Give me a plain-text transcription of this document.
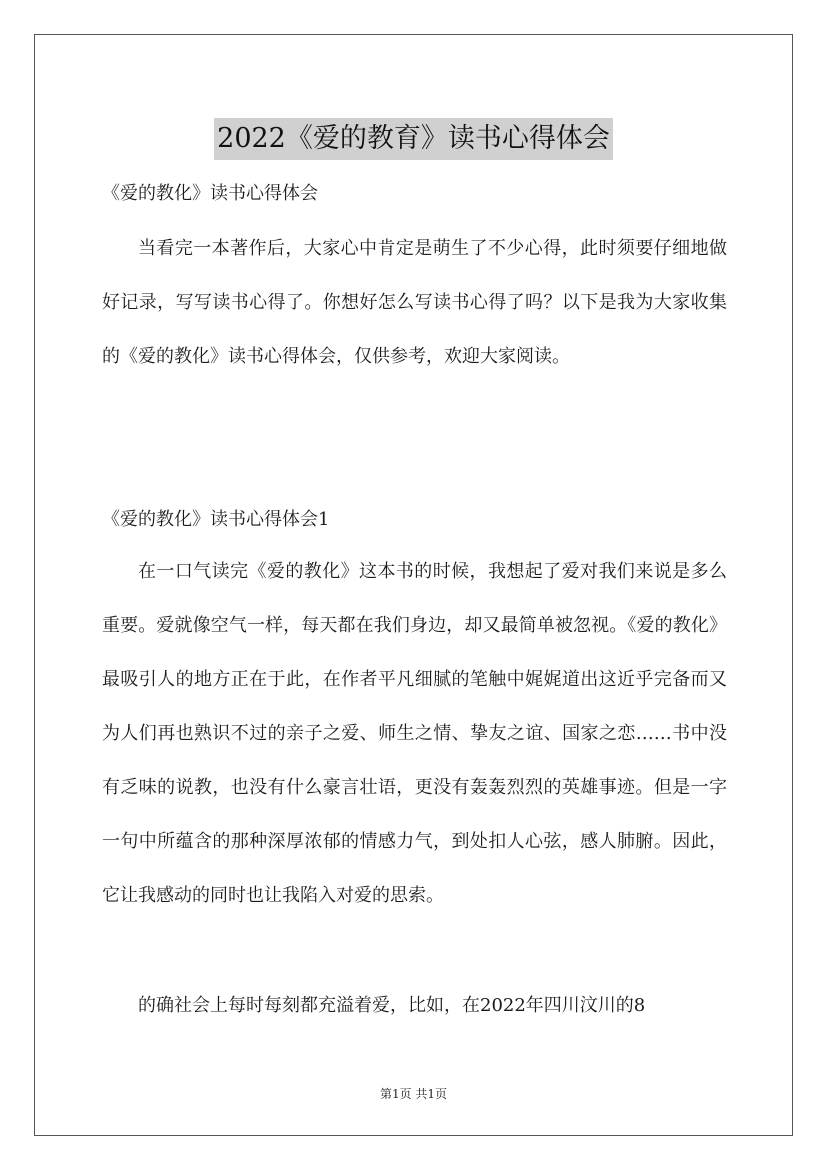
2022《爱的教育》读书心得体会

《爱的教化》读书心得体会

当看完一本著作后，大家心中肯定是萌生了不少心得，此时须要仔细地做好记录，写写读书心得了。你想好怎么写读书心得了吗？以下是我为大家收集的《爱的教化》读书心得体会，仅供参考，欢迎大家阅读。

《爱的教化》读书心得体会1

在一口气读完《爱的教化》这本书的时候，我想起了爱对我们来说是多么重要。爱就像空气一样，每天都在我们身边，却又最简单被忽视。《爱的教化》最吸引人的地方正在于此，在作者平凡细腻的笔触中娓娓道出这近乎完备而又为人们再也熟识不过的亲子之爱、师生之情、挚友之谊、国家之恋……书中没有乏味的说教，也没有什么豪言壮语，更没有轰轰烈烈的英雄事迹。但是一字一句中所蕴含的那种深厚浓郁的情感力气，到处扣人心弦，感人肺腑。因此，它让我感动的同时也让我陷入对爱的思索。

的确社会上每时每刻都充溢着爱，比如，在2022年四川汶川的8

第1页 共1页
